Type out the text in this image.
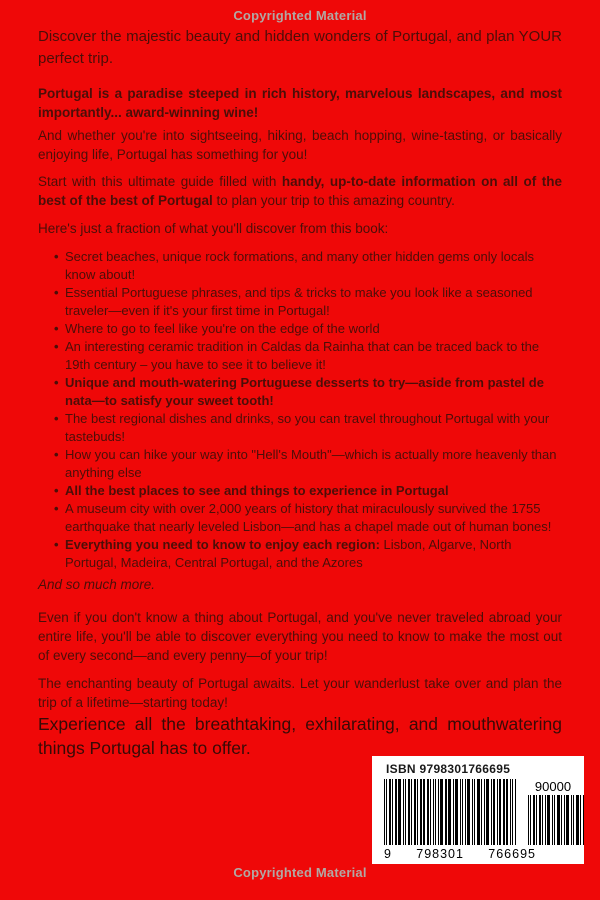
Copyrighted Material
Discover the majestic beauty and hidden wonders of Portugal, and plan YOUR perfect trip.
Portugal is a paradise steeped in rich history, marvelous landscapes, and most importantly... award-winning wine!
And whether you're into sightseeing, hiking, beach hopping, wine-tasting, or basically enjoying life, Portugal has something for you!
Start with this ultimate guide filled with handy, up-to-date information on all of the best of the best of Portugal to plan your trip to this amazing country.
Here's just a fraction of what you'll discover from this book:
• Secret beaches, unique rock formations, and many other hidden gems only locals know about!
• Essential Portuguese phrases, and tips & tricks to make you look like a seasoned traveler—even if it's your first time in Portugal!
• Where to go to feel like you're on the edge of the world
• An interesting ceramic tradition in Caldas da Rainha that can be traced back to the 19th century – you have to see it to believe it!
• Unique and mouth-watering Portuguese desserts to try—aside from pastel de nata—to satisfy your sweet tooth!
• The best regional dishes and drinks, so you can travel throughout Portugal with your tastebuds!
• How you can hike your way into "Hell's Mouth"—which is actually more heavenly than anything else
• All the best places to see and things to experience in Portugal
• A museum city with over 2,000 years of history that miraculously survived the 1755 earthquake that nearly leveled Lisbon—and has a chapel made out of human bones!
• Everything you need to know to enjoy each region: Lisbon, Algarve, North Portugal, Madeira, Central Portugal, and the Azores
And so much more.
Even if you don't know a thing about Portugal, and you've never traveled abroad your entire life, you'll be able to discover everything you need to know to make the most out of every second—and every penny—of your trip!
The enchanting beauty of Portugal awaits. Let your wanderlust take over and plan the trip of a lifetime—starting today!
Experience all the breathtaking, exhilarating, and mouthwatering things Portugal has to offer.
ISBN 9798301766695
90000
9 798301 766695
Copyrighted Material
